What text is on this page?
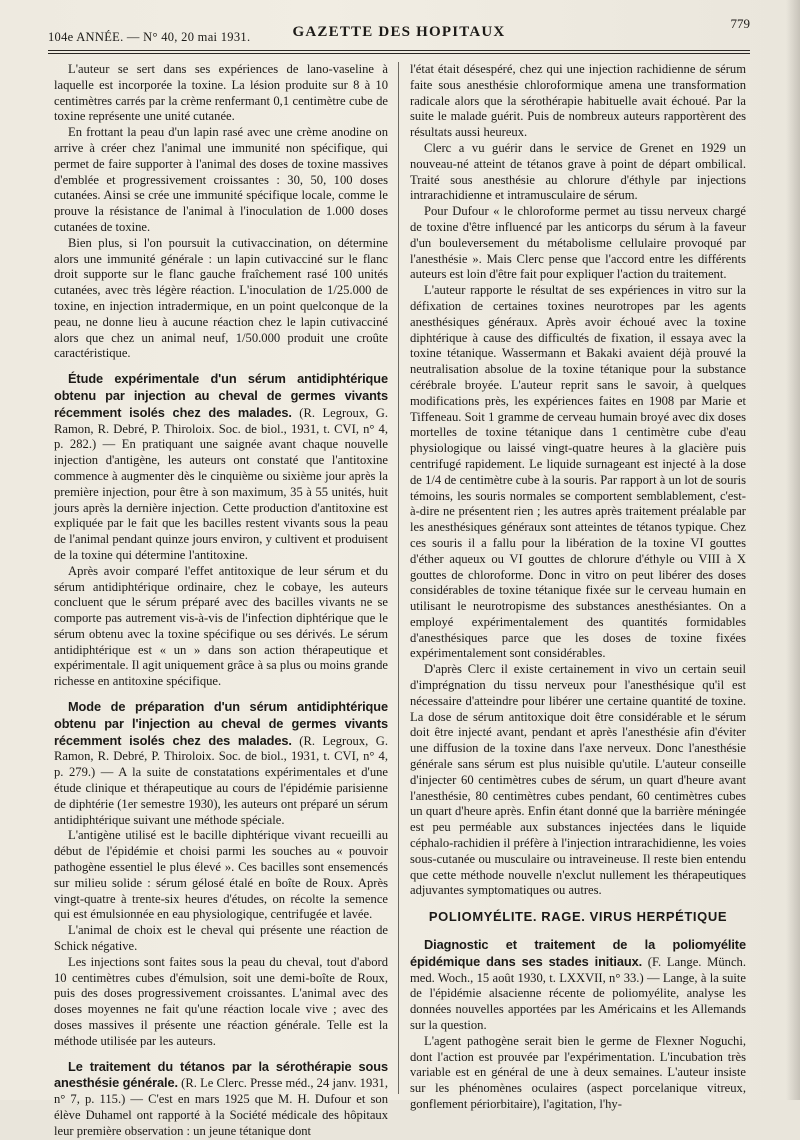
104e ANNÉE. — N° 40, 20 mai 1931.	GAZETTE DES HOPITAUX
779

L'auteur se sert dans ses expériences de lano-vaseline à laquelle est incorporée la toxine. La lésion produite sur 8 à 10 centimètres carrés par la crème renfermant 0,1 centimètre cube de toxine représente une unité cutanée.

En frottant la peau d'un lapin rasé avec une crème anodine on arrive à créer chez l'animal une immunité non spécifique, qui permet de faire supporter à l'animal des doses de toxine massives d'emblée et progressivement croissantes : 30, 50, 100 doses cutanées. Ainsi se crée une immunité spécifique locale, comme le prouve la résistance de l'animal à l'inoculation de 1.000 doses cutanées de toxine.

Bien plus, si l'on poursuit la cutivaccination, on détermine alors une immunité générale : un lapin cutivacciné sur le flanc droit supporte sur le flanc gauche fraîchement rasé 100 unités cutanées, avec très légère réaction. L'inoculation de 1/25.000 de toxine, en injection intradermique, en un point quelconque de la peau, ne donne lieu à aucune réaction chez le lapin cutivacciné alors que chez un animal neuf, 1/50.000 produit une croûte caractéristique.

Étude expérimentale d'un sérum antidiphtérique obtenu par injection au cheval de germes vivants récemment isolés chez des malades. (R. Legroux, G. Ramon, R. Debré, P. Thiroloix. Soc. de biol., 1931, t. CVI, n° 4, p. 282.) — En pratiquant une saignée avant chaque nouvelle injection d'antigène, les auteurs ont constaté que l'antitoxine commence à augmenter dès le cinquième ou sixième jour après la première injection, pour être à son maximum, 35 à 55 unités, huit jours après la dernière injection. Cette production d'antitoxine est expliquée par le fait que les bacilles restent vivants sous la peau de l'animal pendant quinze jours environ, y cultivent et produisent de la toxine qui détermine l'antitoxine.

Après avoir comparé l'effet antitoxique de leur sérum et du sérum antidiphtérique ordinaire, chez le cobaye, les auteurs concluent que le sérum préparé avec des bacilles vivants ne se comporte pas autrement vis-à-vis de l'infection diphtérique que le sérum obtenu avec la toxine spécifique ou ses dérivés. Le sérum antidiphtérique est « un » dans son action thérapeutique et expérimentale. Il agit uniquement grâce à sa plus ou moins grande richesse en antitoxine spécifique.

Mode de préparation d'un sérum antidiphtérique obtenu par l'injection au cheval de germes vivants récemment isolés chez des malades. (R. Legroux, G. Ramon, R. Debré, P. Thiroloix. Soc. de biol., 1931, t. CVI, n° 4, p. 279.) — A la suite de constatations expérimentales et d'une étude clinique et thérapeutique au cours de l'épidémie parisienne de diphtérie (1er semestre 1930), les auteurs ont préparé un sérum antidiphtérique suivant une méthode spéciale.

L'antigène utilisé est le bacille diphtérique vivant recueilli au début de l'épidémie et choisi parmi les souches au « pouvoir pathogène essentiel le plus élevé ». Ces bacilles sont ensemencés sur milieu solide : sérum gélosé étalé en boîte de Roux. Après vingt-quatre à trente-six heures d'études, on récolte la semence qui est émulsionnée en eau physiologique, centrifugée et lavée.

L'animal de choix est le cheval qui présente une réaction de Schick négative.

Les injections sont faites sous la peau du cheval, tout d'abord 10 centimètres cubes d'émulsion, soit une demi-boîte de Roux, puis des doses progressivement croissantes. L'animal avec des doses moyennes ne fait qu'une réaction locale vive ; avec des doses massives il présente une réaction générale. Telle est la méthode utilisée par les auteurs.

Le traitement du tétanos par la sérothérapie sous anesthésie générale. (R. Le Clerc. Presse méd., 24 janv. 1931, n° 7, p. 115.) — C'est en mars 1925 que M. H. Dufour et son élève Duhamel ont rapporté à la Société médicale des hôpitaux leur première observation : un jeune tétanique dont

l'état était désespéré, chez qui une injection rachidienne de sérum faite sous anesthésie chloroformique amena une transformation radicale alors que la sérothérapie habituelle avait échoué. Par la suite le malade guérit. Puis de nombreux auteurs rapportèrent des résultats aussi heureux.

Clerc a vu guérir dans le service de Grenet en 1929 un nouveau-né atteint de tétanos grave à point de départ ombilical. Traité sous anesthésie au chlorure d'éthyle par injections intrarachidienne et intramusculaire de sérum.

Pour Dufour « le chloroforme permet au tissu nerveux chargé de toxine d'être influencé par les anticorps du sérum à la faveur d'un bouleversement du métabolisme cellulaire provoqué par l'anesthésie ». Mais Clerc pense que l'accord entre les différents auteurs est loin d'être fait pour expliquer l'action du traitement.

L'auteur rapporte le résultat de ses expériences in vitro sur la défixation de certaines toxines neurotropes par les agents anesthésiques généraux. Après avoir échoué avec la toxine diphtérique à cause des difficultés de fixation, il essaya avec la toxine tétanique. Wassermann et Bakaki avaient déjà prouvé la neutralisation absolue de la toxine tétanique pour la substance cérébrale broyée. L'auteur reprit sans le savoir, à quelques modifications près, les expériences faites en 1908 par Marie et Tiffeneau. Soit 1 gramme de cerveau humain broyé avec dix doses mortelles de toxine tétanique dans 1 centimètre cube d'eau physiologique ou laissé vingt-quatre heures à la glacière puis centrifugé rapidement. Le liquide surnageant est injecté à la dose de 1/4 de centimètre cube à la souris. Par rapport à un lot de souris témoins, les souris normales se comportent semblablement, c'est-à-dire ne présentent rien ; les autres après traitement préalable par les anesthésiques généraux sont atteintes de tétanos typique. Chez ces souris il a fallu pour la libération de la toxine VI gouttes d'éther aqueux ou VI gouttes de chlorure d'éthyle ou VIII à X gouttes de chloroforme. Donc in vitro on peut libérer des doses considérables de toxine tétanique fixée sur le cerveau humain en utilisant le neurotropisme des substances anesthésiantes. On a employé expérimentalement des quantités formidables d'anesthésiques parce que les doses de toxine fixées expérimentalement sont considérables.

D'après Clerc il existe certainement in vivo un certain seuil d'imprégnation du tissu nerveux pour l'anesthésique qu'il est nécessaire d'atteindre pour libérer une certaine quantité de toxine. La dose de sérum antitoxique doit être considérable et le sérum doit être injecté avant, pendant et après l'anesthésie afin d'éviter une diffusion de la toxine dans l'axe nerveux. Donc l'anesthésie générale sans sérum est plus nuisible qu'utile. L'auteur conseille d'injecter 60 centimètres cubes de sérum, un quart d'heure avant l'anesthésie, 80 centimètres cubes pendant, 60 centimètres cubes un quart d'heure après. Enfin étant donné que la barrière méningée est peu perméable aux substances injectées dans le liquide céphalo-rachidien il préfère à l'injection intrarachidienne, les voies sous-cutanée ou musculaire ou intraveineuse. Il reste bien entendu que cette méthode nouvelle n'exclut nullement les thérapeutiques adjuvantes symptomatiques ou autres.

POLIOMYÉLITE. RAGE. VIRUS HERPÉTIQUE

Diagnostic et traitement de la poliomyélite épidémique dans ses stades initiaux. (F. Lange. Münch. med. Woch., 15 août 1930, t. LXXVII, n° 33.) — Lange, à la suite de l'épidémie alsacienne récente de poliomyélite, analyse les données nouvelles apportées par les Américains et les Allemands sur la question.

L'agent pathogène serait bien le germe de Flexner Noguchi, dont l'action est prouvée par l'expérimentation. L'incubation très variable est en général de une à deux semaines. L'auteur insiste sur les phénomènes oculaires (aspect porcelanique vitreux, gonflement périorbitaire), l'agitation, l'hy-
